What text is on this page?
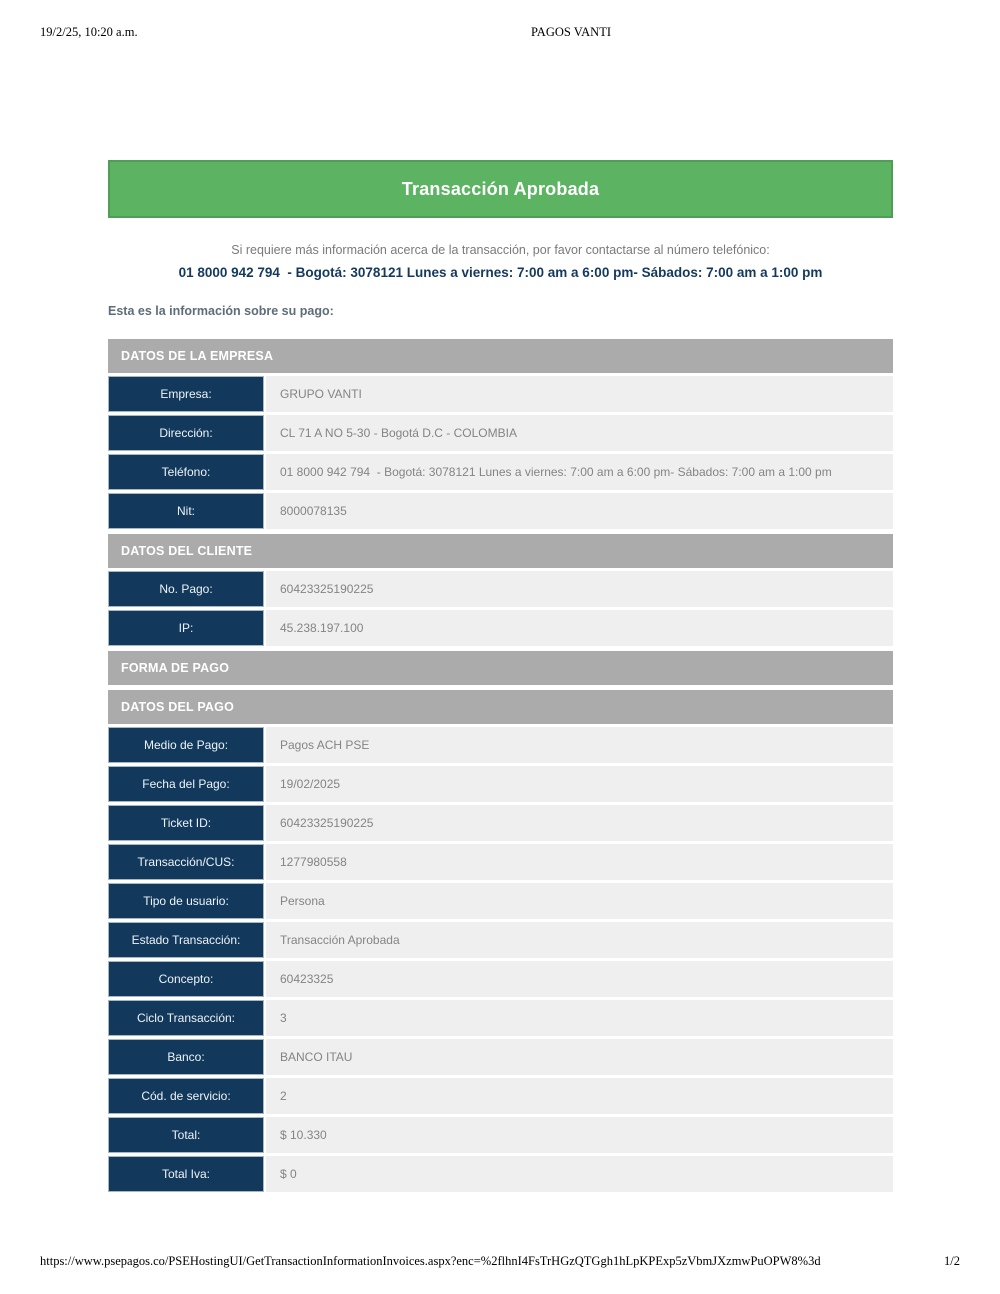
19/2/25, 10:20 a.m.	PAGOS VANTI
Transacción Aprobada

Si requiere más información acerca de la transacción, por favor contactarse al número telefónico:

01 8000 942 794  - Bogotá: 3078121 Lunes a viernes: 7:00 am a 6:00 pm- Sábados: 7:00 am a 1:00 pm

Esta es la información sobre su pago:

DATOS DE LA EMPRESA
Empresa:	GRUPO VANTI
Dirección:	CL 71 A NO 5-30 - Bogotá D.C - COLOMBIA
Teléfono:	01 8000 942 794  - Bogotá: 3078121 Lunes a viernes: 7:00 am a 6:00 pm- Sábados: 7:00 am a 1:00 pm
Nit:	8000078135
DATOS DEL CLIENTE
No. Pago:	60423325190225
IP:	45.238.197.100
FORMA DE PAGO
DATOS DEL PAGO
Medio de Pago:	Pagos ACH PSE
Fecha del Pago:	19/02/2025
Ticket ID:	60423325190225
Transacción/CUS:	1277980558
Tipo de usuario:	Persona
Estado Transacción:	Transacción Aprobada
Concepto:	60423325
Ciclo Transacción:	3
Banco:	BANCO ITAU
Cód. de servicio:	2
Total:	$ 10.330
Total Iva:	$ 0
https://www.psepagos.co/PSEHostingUI/GetTransactionInformationInvoices.aspx?enc=%2flhnI4FsTrHGzQTGgh1hLpKPExp5zVbmJXzmwPuOPW8%3d	1/2
